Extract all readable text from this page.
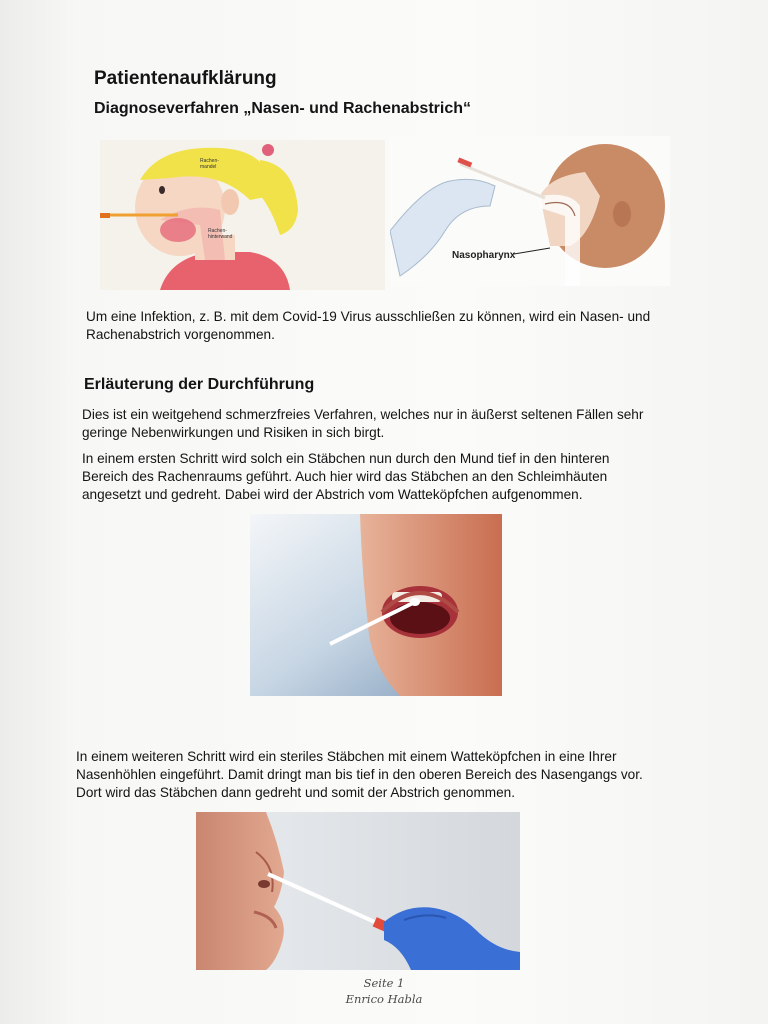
Patientenaufklärung
Diagnoseverfahren „Nasen- und Rachenabstrich“
Rachen-
mandel
Rachen-
hinterwand
Nasopharynx
Um eine Infektion, z. B. mit dem Covid-19 Virus ausschließen zu können, wird ein Nasen- und
Rachenabstrich vorgenommen.
Erläuterung der Durchführung
Dies ist ein weitgehend schmerzfreies Verfahren, welches nur in äußerst seltenen Fällen sehr
geringe Nebenwirkungen und Risiken in sich birgt.
In einem ersten Schritt wird solch ein Stäbchen nun durch den Mund tief in den hinteren
Bereich des Rachenraums geführt. Auch hier wird das Stäbchen an den Schleimhäuten
angesetzt und gedreht. Dabei wird der Abstrich vom Watteköpfchen aufgenommen.
In einem weiteren Schritt wird ein steriles Stäbchen mit einem Watteköpfchen in eine Ihrer
Nasenhöhlen eingeführt. Damit dringt man bis tief in den oberen Bereich des Nasengangs vor.
Dort wird das Stäbchen dann gedreht und somit der Abstrich genommen.
Seite 1
Enrico Habla
